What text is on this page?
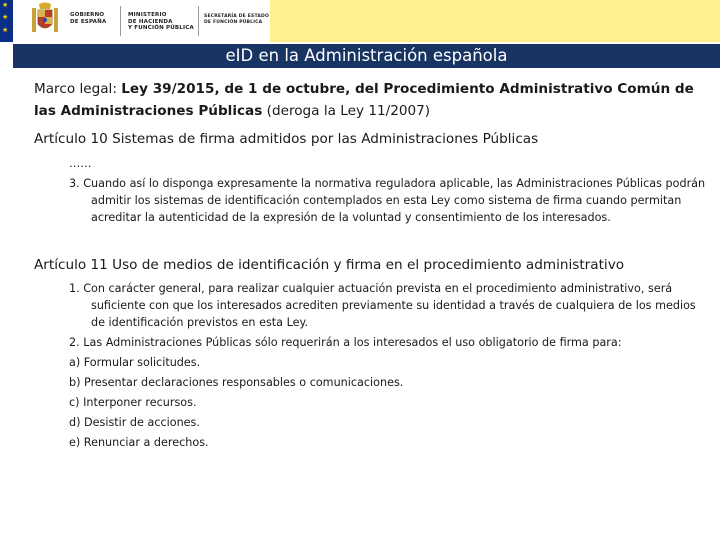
★
★
★
GOBIERNO
DE ESPAÑA
MINISTERIO
DE HACIENDA
Y FUNCIÓN PÚBLICA
SECRETARÍA DE ESTADO
DE FUNCIÓN PÚBLICA
eID en la Administración española
Marco legal: Ley 39/2015, de 1 de octubre, del Procedimiento Administrativo Común de
las Administraciones Públicas (deroga la Ley 11/2007)
Artículo 10 Sistemas de firma admitidos por las Administraciones Públicas
……
3. Cuando así lo disponga expresamente la normativa reguladora aplicable, las Administraciones Públicas podrán admitir los sistemas de identificación contemplados en esta Ley como sistema de firma cuando permitan acreditar la autenticidad de la expresión de la voluntad y consentimiento de los interesados.
Artículo 11 Uso de medios de identificación y firma en el procedimiento administrativo
1. Con carácter general, para realizar cualquier actuación prevista en el procedimiento administrativo, será suficiente con que los interesados acrediten previamente su identidad a través de cualquiera de los medios de identificación previstos en esta Ley.
2. Las Administraciones Públicas sólo requerirán a los interesados el uso obligatorio de firma para:
a) Formular solicitudes.
b) Presentar declaraciones responsables o comunicaciones.
c) Interponer recursos.
d) Desistir de acciones.
e) Renunciar a derechos.
